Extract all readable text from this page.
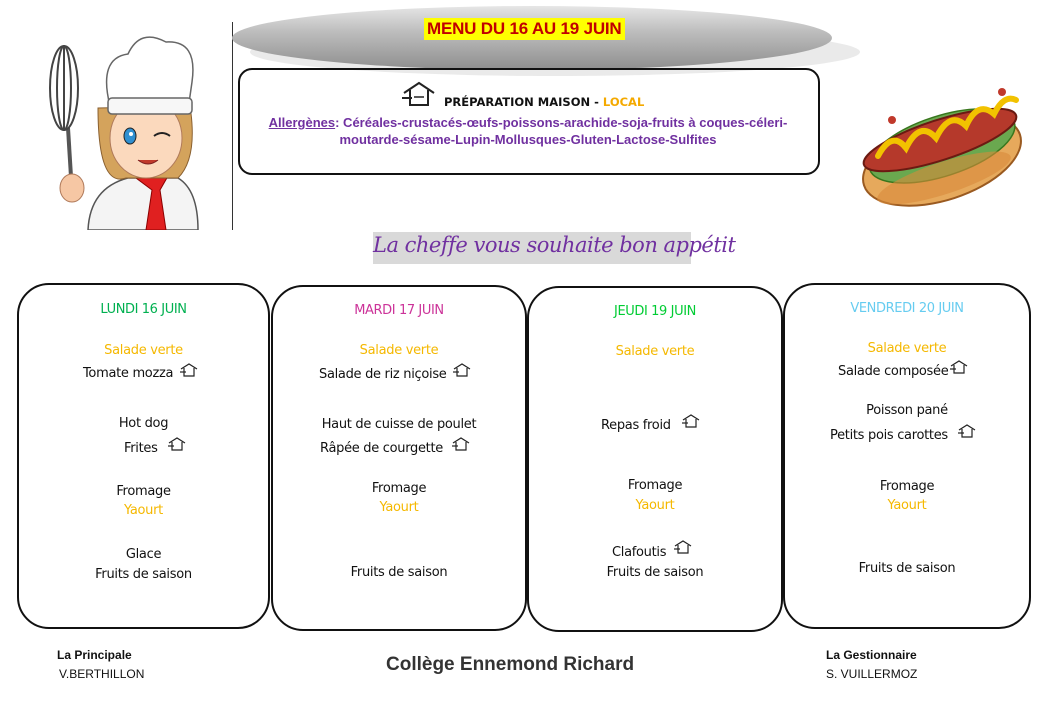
MENU DU 16 AU 19 JUIN
PRÉPARATION MAISON - LOCAL
Allergènes: Céréales-crustacés-œufs-poissons-arachide-soja-fruits à coques-céleri-
moutarde-sésame-Lupin-Mollusques-Gluten-Lactose-Sulfites
La cheffe vous souhaite bon appétit
LUNDI 16 JUIN
Salade verte
Tomate mozza
Hot dog
Frites
Fromage
Yaourt
Glace
Fruits de saison
MARDI 17 JUIN
Salade verte
Salade de riz niçoise
Haut de cuisse de poulet
Râpée de courgette
Fromage
Yaourt
Fruits de saison
JEUDI 19 JUIN
Salade verte
Repas froid
Fromage
Yaourt
Clafoutis
Fruits de saison
VENDREDI 20 JUIN
Salade verte
Salade composée
Poisson pané
Petits pois carottes
Fromage
Yaourt
Fruits de saison
La Principale
V.BERTHILLON	Collège Ennemond Richard	La Gestionnaire
S. VUILLERMOZ
